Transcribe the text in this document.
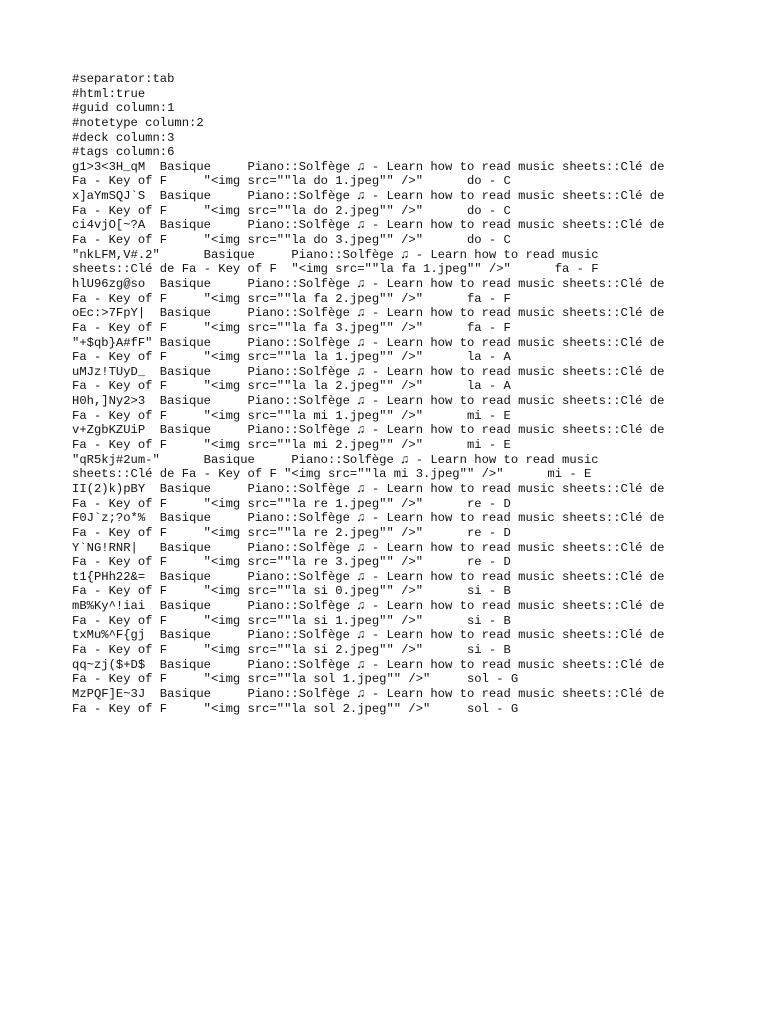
#separator:tab
#html:true
#guid column:1
#notetype column:2
#deck column:3
#tags column:6
g1>3<3H_qM  Basique     Piano::Solfège ♫ - Learn how to read music sheets::Clé de
Fa - Key of F     "<img src=""la do 1.jpeg"" />"      do - C
x]aYmSQJ`S  Basique     Piano::Solfège ♫ - Learn how to read music sheets::Clé de
Fa - Key of F     "<img src=""la do 2.jpeg"" />"      do - C
ci4vjO[~?A  Basique     Piano::Solfège ♫ - Learn how to read music sheets::Clé de
Fa - Key of F     "<img src=""la do 3.jpeg"" />"      do - C
"nkLFM,V#.2"      Basique     Piano::Solfège ♫ - Learn how to read music
sheets::Clé de Fa - Key of F  "<img src=""la fa 1.jpeg"" />"      fa - F
hlU96zg@so  Basique     Piano::Solfège ♫ - Learn how to read music sheets::Clé de
Fa - Key of F     "<img src=""la fa 2.jpeg"" />"      fa - F
oEc:>7FpY|  Basique     Piano::Solfège ♫ - Learn how to read music sheets::Clé de
Fa - Key of F     "<img src=""la fa 3.jpeg"" />"      fa - F
"+$qb}A#fF" Basique     Piano::Solfège ♫ - Learn how to read music sheets::Clé de
Fa - Key of F     "<img src=""la la 1.jpeg"" />"      la - A
uMJz!TUyD_  Basique     Piano::Solfège ♫ - Learn how to read music sheets::Clé de
Fa - Key of F     "<img src=""la la 2.jpeg"" />"      la - A
H0h,]Ny2>3  Basique     Piano::Solfège ♫ - Learn how to read music sheets::Clé de
Fa - Key of F     "<img src=""la mi 1.jpeg"" />"      mi - E
v+ZgbKZUiP  Basique     Piano::Solfège ♫ - Learn how to read music sheets::Clé de
Fa - Key of F     "<img src=""la mi 2.jpeg"" />"      mi - E
"qR5kj#2um-"      Basique     Piano::Solfège ♫ - Learn how to read music
sheets::Clé de Fa - Key of F "<img src=""la mi 3.jpeg"" />"      mi - E
II(2)k)pBY  Basique     Piano::Solfège ♫ - Learn how to read music sheets::Clé de
Fa - Key of F     "<img src=""la re 1.jpeg"" />"      re - D
F0J`z;?o*%  Basique     Piano::Solfège ♫ - Learn how to read music sheets::Clé de
Fa - Key of F     "<img src=""la re 2.jpeg"" />"      re - D
Y`NG!RNR|   Basique     Piano::Solfège ♫ - Learn how to read music sheets::Clé de
Fa - Key of F     "<img src=""la re 3.jpeg"" />"      re - D
t1{PHh22&=  Basique     Piano::Solfège ♫ - Learn how to read music sheets::Clé de
Fa - Key of F     "<img src=""la si 0.jpeg"" />"      si - B
mB%Ky^!iai  Basique     Piano::Solfège ♫ - Learn how to read music sheets::Clé de
Fa - Key of F     "<img src=""la si 1.jpeg"" />"      si - B
txMu%^F{gj  Basique     Piano::Solfège ♫ - Learn how to read music sheets::Clé de
Fa - Key of F     "<img src=""la si 2.jpeg"" />"      si - B
qq~zj($+D$  Basique     Piano::Solfège ♫ - Learn how to read music sheets::Clé de
Fa - Key of F     "<img src=""la sol 1.jpeg"" />"     sol - G
MzPQF]E~3J  Basique     Piano::Solfège ♫ - Learn how to read music sheets::Clé de
Fa - Key of F     "<img src=""la sol 2.jpeg"" />"     sol - G
